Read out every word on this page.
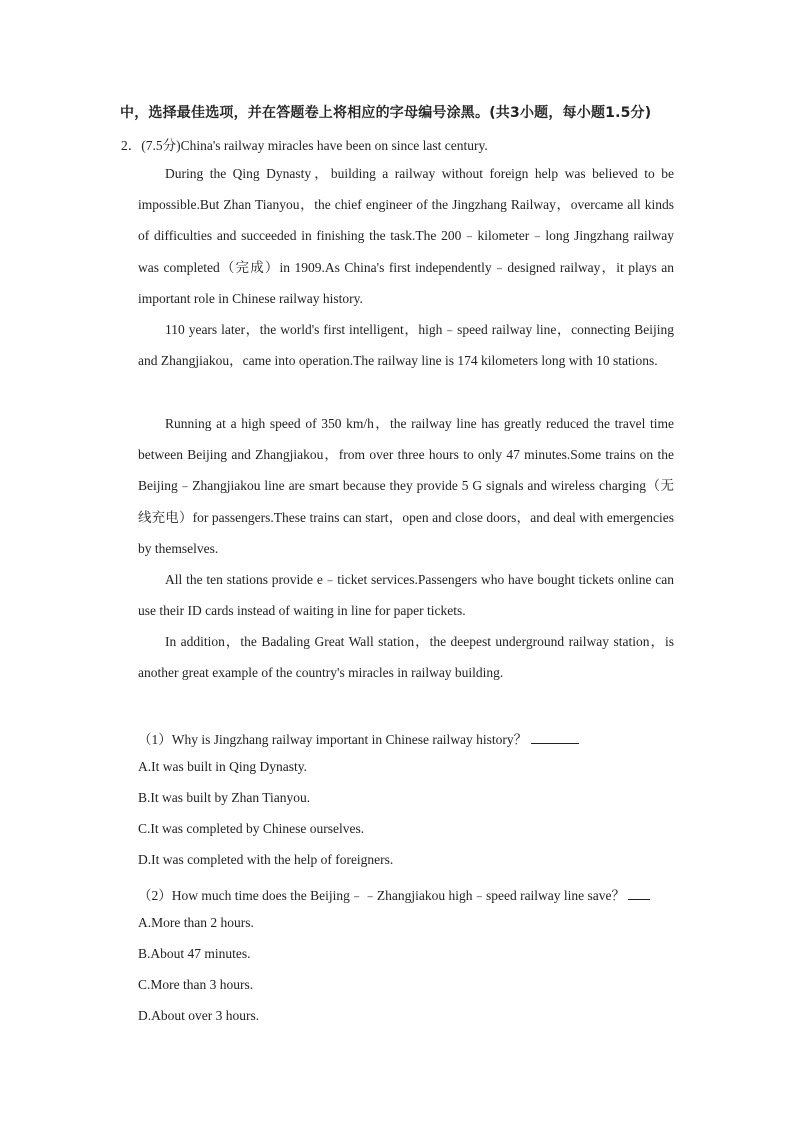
中，选择最佳选项，并在答题卷上将相应的字母编号涂黑。(共3小题，每小题1.5分)
2．(7.5分)China's railway miracles have been on since last century.

During the Qing Dynasty，building a railway without foreign help was believed to be impossible.But Zhan Tianyou，the chief engineer of the Jingzhang Railway，overcame all kinds of difficulties and succeeded in finishing the task.The 200﹣kilometer﹣long Jingzhang railway was completed（完成）in 1909.As China's first independently﹣designed railway，it plays an important role in Chinese railway history.

110 years later，the world's first intelligent，high﹣speed railway line，connecting Beijing and Zhangjiakou，came into operation.The railway line is 174 kilometers long with 10 stations.

Running at a high speed of 350 km/h，the railway line has greatly reduced the travel time between Beijing and Zhangjiakou，from over three hours to only 47 minutes.Some trains on the Beijing﹣Zhangjiakou line are smart because they provide 5 G signals and wireless charging（无线充电）for passengers.These trains can start，open and close doors，and deal with emergencies by themselves.

All the ten stations provide e﹣ticket services.Passengers who have bought tickets online can use their ID cards instead of waiting in line for paper tickets.

In addition，the Badaling Great Wall station，the deepest underground railway station，is another great example of the country's miracles in railway building.

（1）Why is Jingzhang railway important in Chinese railway history？
A.It was built in Qing Dynasty.
B.It was built by Zhan Tianyou.
C.It was completed by Chinese ourselves.
D.It was completed with the help of foreigners.
（2）How much time does the Beijing﹣﹣Zhangjiakou high﹣speed railway line save？
A.More than 2 hours.
B.About 47 minutes.
C.More than 3 hours.
D.About over 3 hours.
